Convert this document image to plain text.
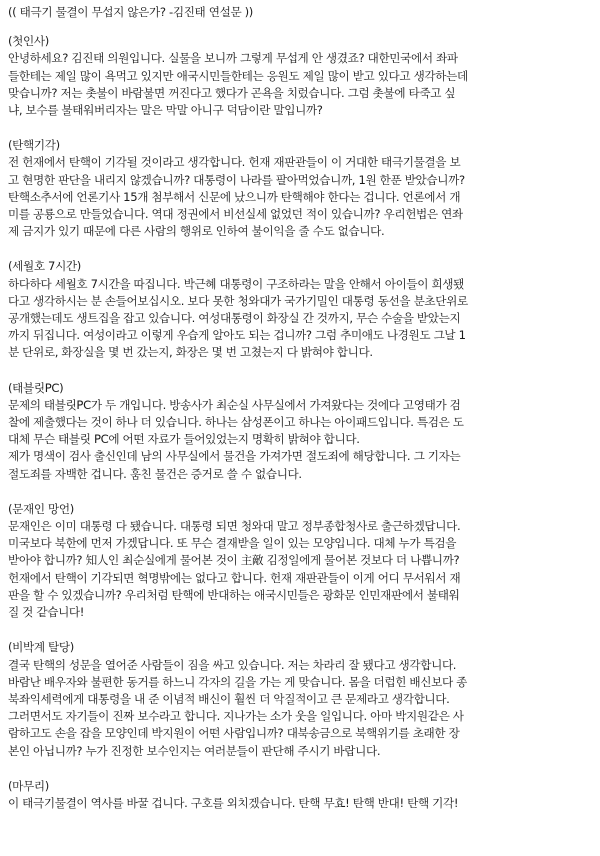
(( 태극기 물결이 무섭지 않은가? -김진태 연설문 ))

(첫인사)

안녕하세요? 김진태 의원입니다. 실물을 보니까 그렇게 무섭게 안 생겼죠? 대한민국에서 좌파

들한테는 제일 많이 욕먹고 있지만 애국시민들한테는 응원도 제일 많이 받고 있다고 생각하는데

맞습니까? 저는 촛불이 바람불면 꺼진다고 했다가 곤욕을 치렀습니다. 그럼 촛불에 타죽고 싶

냐, 보수를 불태워버리자는 말은 막말 아니구 덕담이란 말입니까?

(탄핵기각)

전 헌재에서 탄핵이 기각될 것이라고 생각합니다. 헌재 재판관들이 이 거대한 태극기물결을 보

고 현명한 판단을 내리지 않겠습니까? 대통령이 나라를 팔아먹었습니까, 1원 한푼 받았습니까?

탄핵소추서에 언론기사 15개 첨부해서 신문에 났으니까 탄핵해야 한다는 겁니다. 언론에서 개

미를 공룡으로 만들었습니다. 역대 정권에서 비선실세 없었던 적이 있습니까? 우리헌법은 연좌

제 금지가 있기 때문에 다른 사람의 행위로 인하여 불이익을 줄 수도 없습니다.

(세월호 7시간)

하다하다 세월호 7시간을 따집니다. 박근혜 대통령이 구조하라는 말을 안해서 아이들이 희생됐

다고 생각하시는 분 손들어보십시오. 보다 못한 청와대가 국가기밀인 대통령 동선을 분초단위로

공개했는데도 생트집을 잡고 있습니다. 여성대통령이 화장실 간 것까지, 무슨 수술을 받았는지

까지 뒤집니다. 여성이라고 이렇게 우습게 알아도 되는 겁니까? 그럼 추미애도 나경원도 그날 1

분 단위로, 화장실을 몇 번 갔는지, 화장은 몇 번 고쳤는지 다 밝혀야 합니다.

(태블릿PC)

문제의 태블릿PC가 두 개입니다. 방송사가 최순실 사무실에서 가져왔다는 것에다 고영태가 검

찰에 제출했다는 것이 하나 더 있습니다. 하나는 삼성폰이고 하나는 아이패드입니다. 특검은 도

대체 무슨 태블릿 PC에 어떤 자료가 들어있었는지 명확히 밝혀야 합니다.

제가 명색이 검사 출신인데 남의 사무실에서 물건을 가져가면 절도죄에 해당합니다. 그 기자는

절도죄를 자백한 겁니다. 훔친 물건은 증거로 쓸 수 없습니다.

(문재인 망언)

문재인은 이미 대통령 다 됐습니다. 대통령 되면 청와대 말고 정부종합청사로 출근하겠답니다.

미국보다 북한에 먼저 가겠답니다. 또 무슨 결재받을 일이 있는 모양입니다. 대체 누가 특검을

받아야 합니까? 知人인 최순실에게 물어본 것이 主敵 김정일에게 물어본 것보다 더 나쁩니까?

헌재에서 탄핵이 기각되면 혁명밖에는 없다고 합니다. 헌재 재판관들이 이게 어디 무서워서 재

판을 할 수 있겠습니까? 우리처럼 탄핵에 반대하는 애국시민들은 광화문 인민재판에서 불태워

질 것 같습니다!

(비박계 탈당)

결국 탄핵의 성문을 열어준 사람들이 짐을 싸고 있습니다. 저는 차라리 잘 됐다고 생각합니다.

바람난 배우자와 불편한 동거를 하느니 각자의 길을 가는 게 맞습니다. 몸을 더럽힌 배신보다 종

북좌익세력에게 대통령을 내 준 이념적 배신이 훨씬 더 악질적이고 큰 문제라고 생각합니다.

그러면서도 자기들이 진짜 보수라고 합니다. 지나가는 소가 웃을 일입니다. 아마 박지원같은 사

람하고도 손을 잡을 모양인데 박지원이 어떤 사람입니까? 대북송금으로 북핵위기를 초래한 장

본인 아닙니까? 누가 진정한 보수인지는 여러분들이 판단해 주시기 바랍니다.

(마무리)

이 태극기물결이 역사를 바꿀 겁니다. 구호를 외치겠습니다. 탄핵 무효! 탄핵 반대! 탄핵 기각!
